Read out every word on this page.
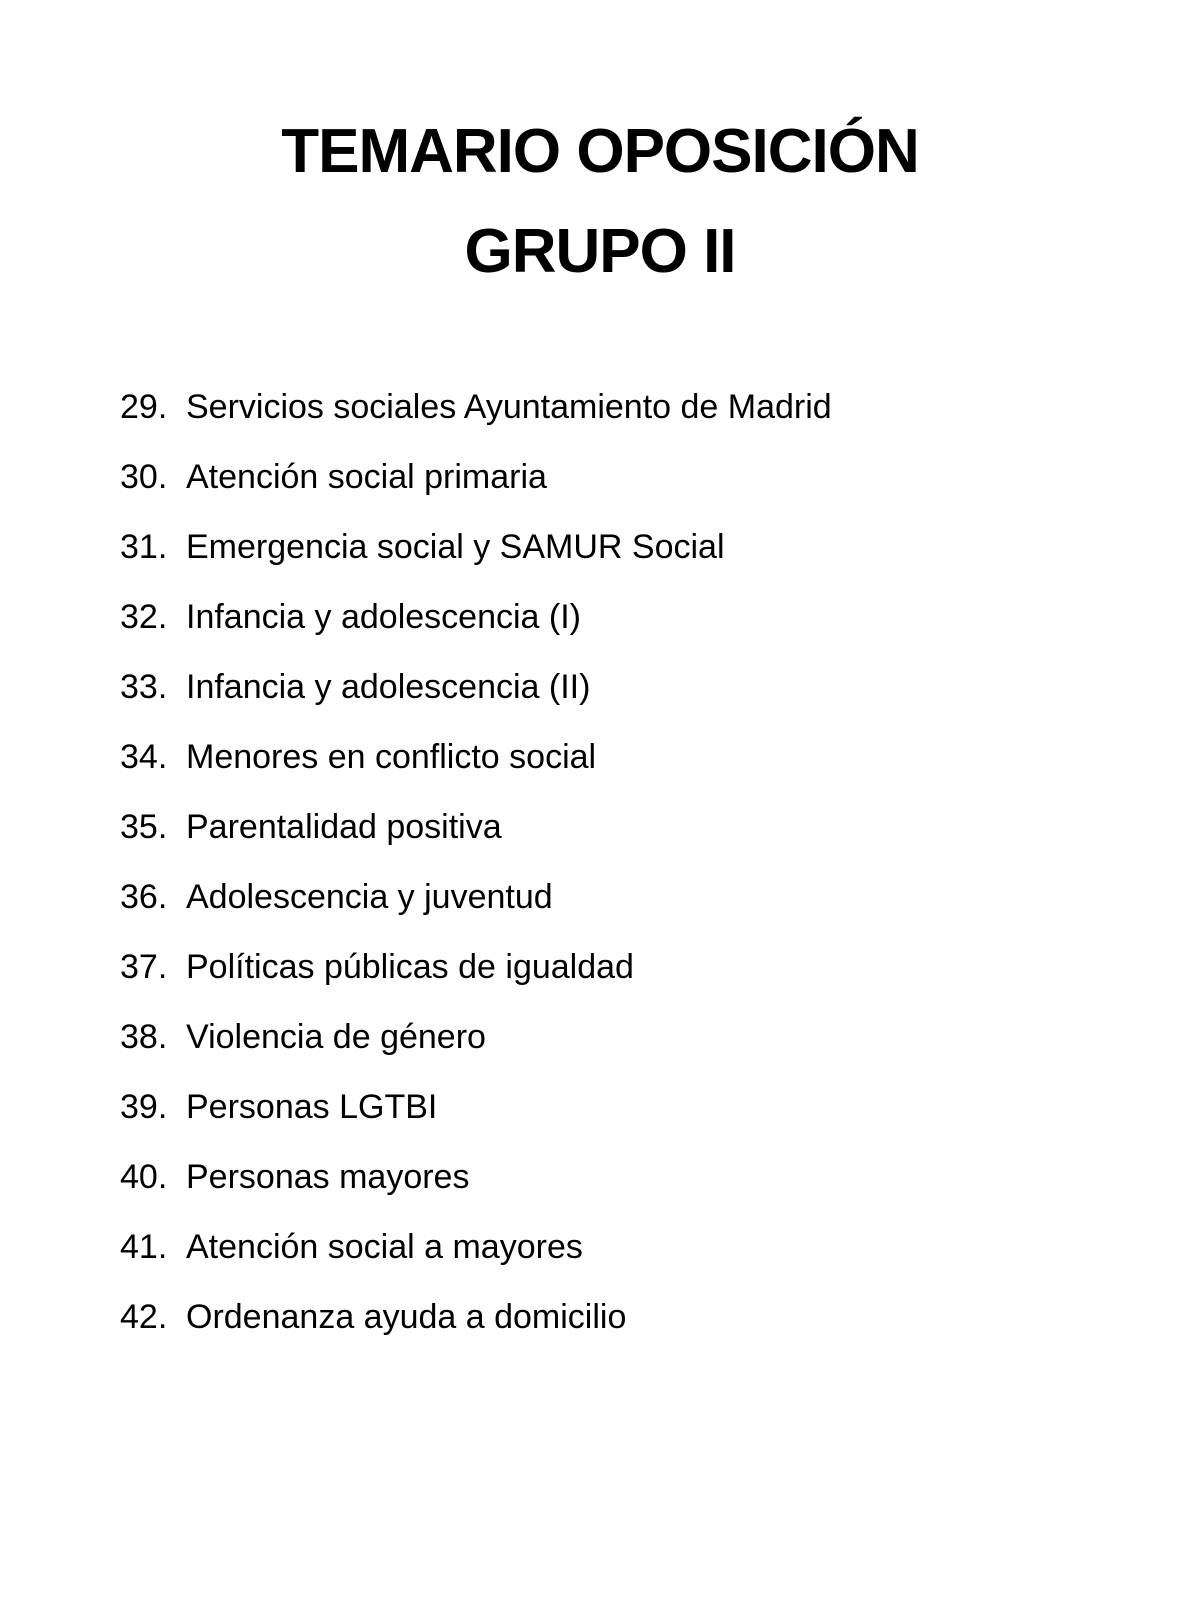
TEMARIO OPOSICIÓN
GRUPO II
29. Servicios sociales Ayuntamiento de Madrid
30. Atención social primaria
31. Emergencia social y SAMUR Social
32. Infancia y adolescencia (I)
33. Infancia y adolescencia (II)
34. Menores en conflicto social
35. Parentalidad positiva
36. Adolescencia y juventud
37. Políticas públicas de igualdad
38. Violencia de género
39. Personas LGTBI
40. Personas mayores
41. Atención social a mayores
42. Ordenanza ayuda a domicilio
